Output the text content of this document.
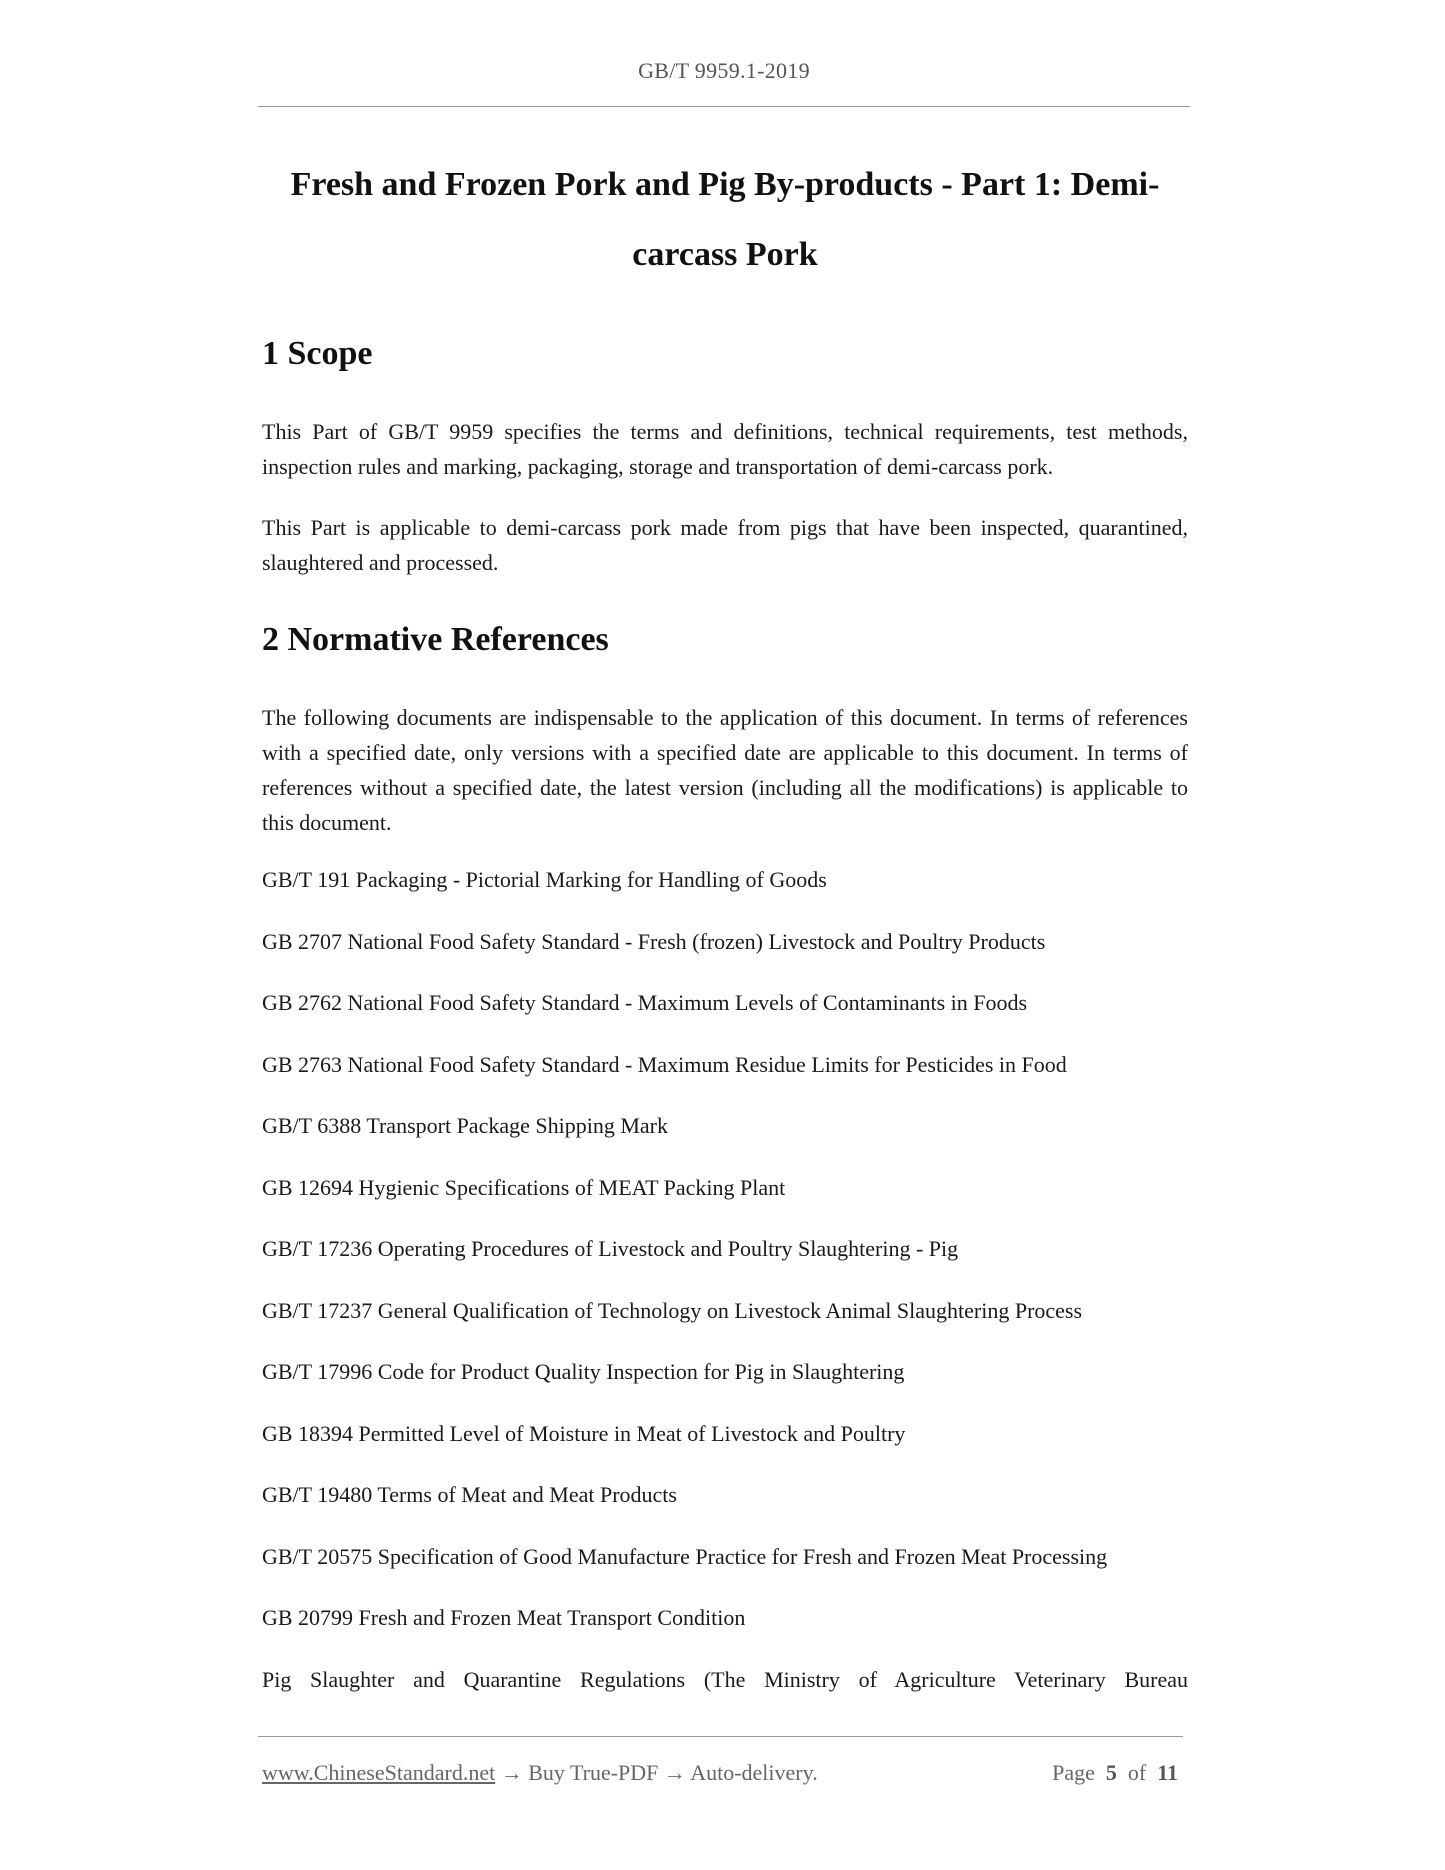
GB/T 9959.1-2019
Fresh and Frozen Pork and Pig By-products - Part 1: Demi-
carcass Pork
1 Scope

This Part of GB/T 9959 specifies the terms and definitions, technical requirements, test methods, inspection rules and marking, packaging, storage and transportation of demi-carcass pork.

This Part is applicable to demi-carcass pork made from pigs that have been inspected, quarantined, slaughtered and processed.

2 Normative References

The following documents are indispensable to the application of this document. In terms of references with a specified date, only versions with a specified date are applicable to this document. In terms of references without a specified date, the latest version (including all the modifications) is applicable to this document.

GB/T 191 Packaging - Pictorial Marking for Handling of Goods
GB 2707 National Food Safety Standard - Fresh (frozen) Livestock and Poultry Products
GB 2762 National Food Safety Standard - Maximum Levels of Contaminants in Foods
GB 2763 National Food Safety Standard - Maximum Residue Limits for Pesticides in Food
GB/T 6388 Transport Package Shipping Mark
GB 12694 Hygienic Specifications of MEAT Packing Plant
GB/T 17236 Operating Procedures of Livestock and Poultry Slaughtering - Pig
GB/T 17237 General Qualification of Technology on Livestock Animal Slaughtering Process
GB/T 17996 Code for Product Quality Inspection for Pig in Slaughtering
GB 18394 Permitted Level of Moisture in Meat of Livestock and Poultry
GB/T 19480 Terms of Meat and Meat Products
GB/T 20575 Specification of Good Manufacture Practice for Fresh and Frozen Meat Processing
GB 20799 Fresh and Frozen Meat Transport Condition
Pig Slaughter and Quarantine Regulations (The Ministry of Agriculture Veterinary Bureau
www.ChineseStandard.net → Buy True-PDF → Auto-delivery.	Page 5 of 11
